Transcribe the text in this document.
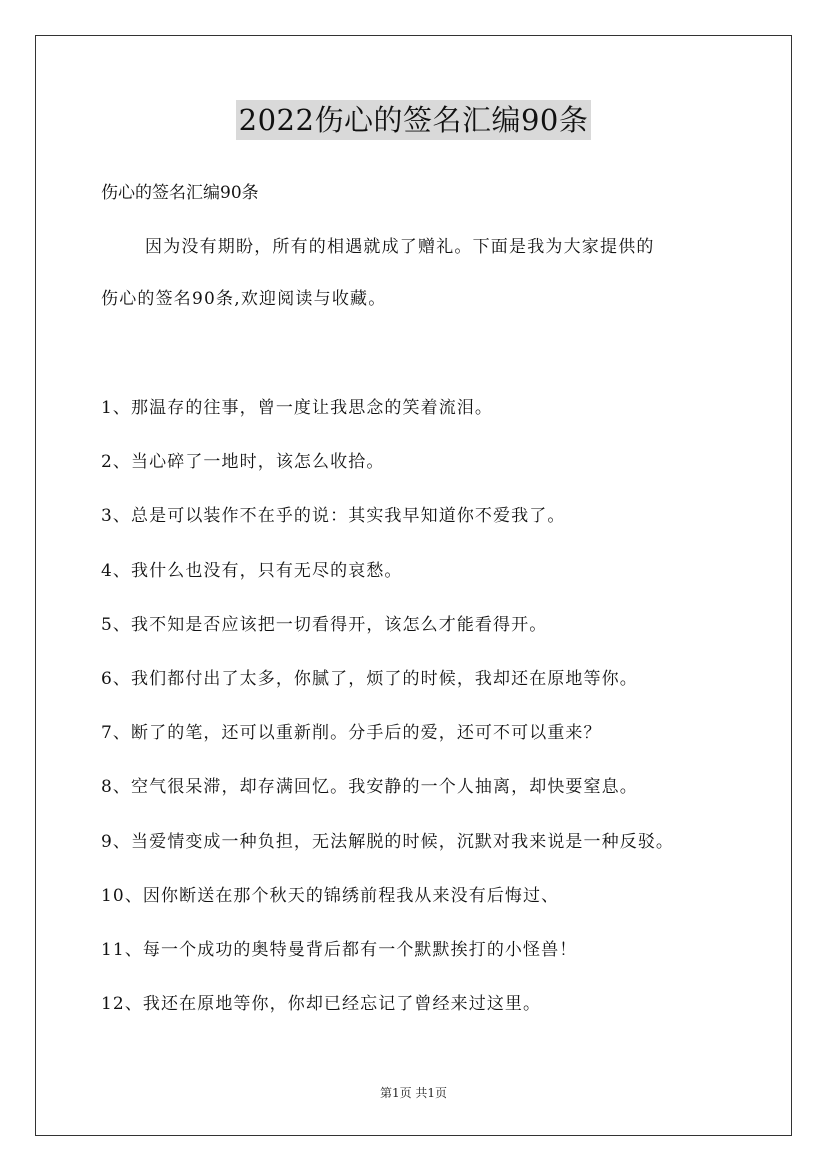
2022伤心的签名汇编90条
伤心的签名汇编90条
因为没有期盼，所有的相遇就成了赠礼。下面是我为大家提供的
伤心的签名90条,欢迎阅读与收藏。
1、那温存的往事，曾一度让我思念的笑着流泪。
2、当心碎了一地时，该怎么收拾。
3、总是可以装作不在乎的说：其实我早知道你不爱我了。
4、我什么也没有，只有无尽的哀愁。
5、我不知是否应该把一切看得开，该怎么才能看得开。
6、我们都付出了太多，你腻了，烦了的时候，我却还在原地等你。
7、断了的笔，还可以重新削。分手后的爱，还可不可以重来？
8、空气很呆滞，却存满回忆。我安静的一个人抽离，却快要窒息。
9、当爱情变成一种负担，无法解脱的时候，沉默对我来说是一种反驳。
10、因你断送在那个秋天的锦绣前程我从来没有后悔过、
11、每一个成功的奥特曼背后都有一个默默挨打的小怪兽！
12、我还在原地等你，你却已经忘记了曾经来过这里。
第1页 共1页
